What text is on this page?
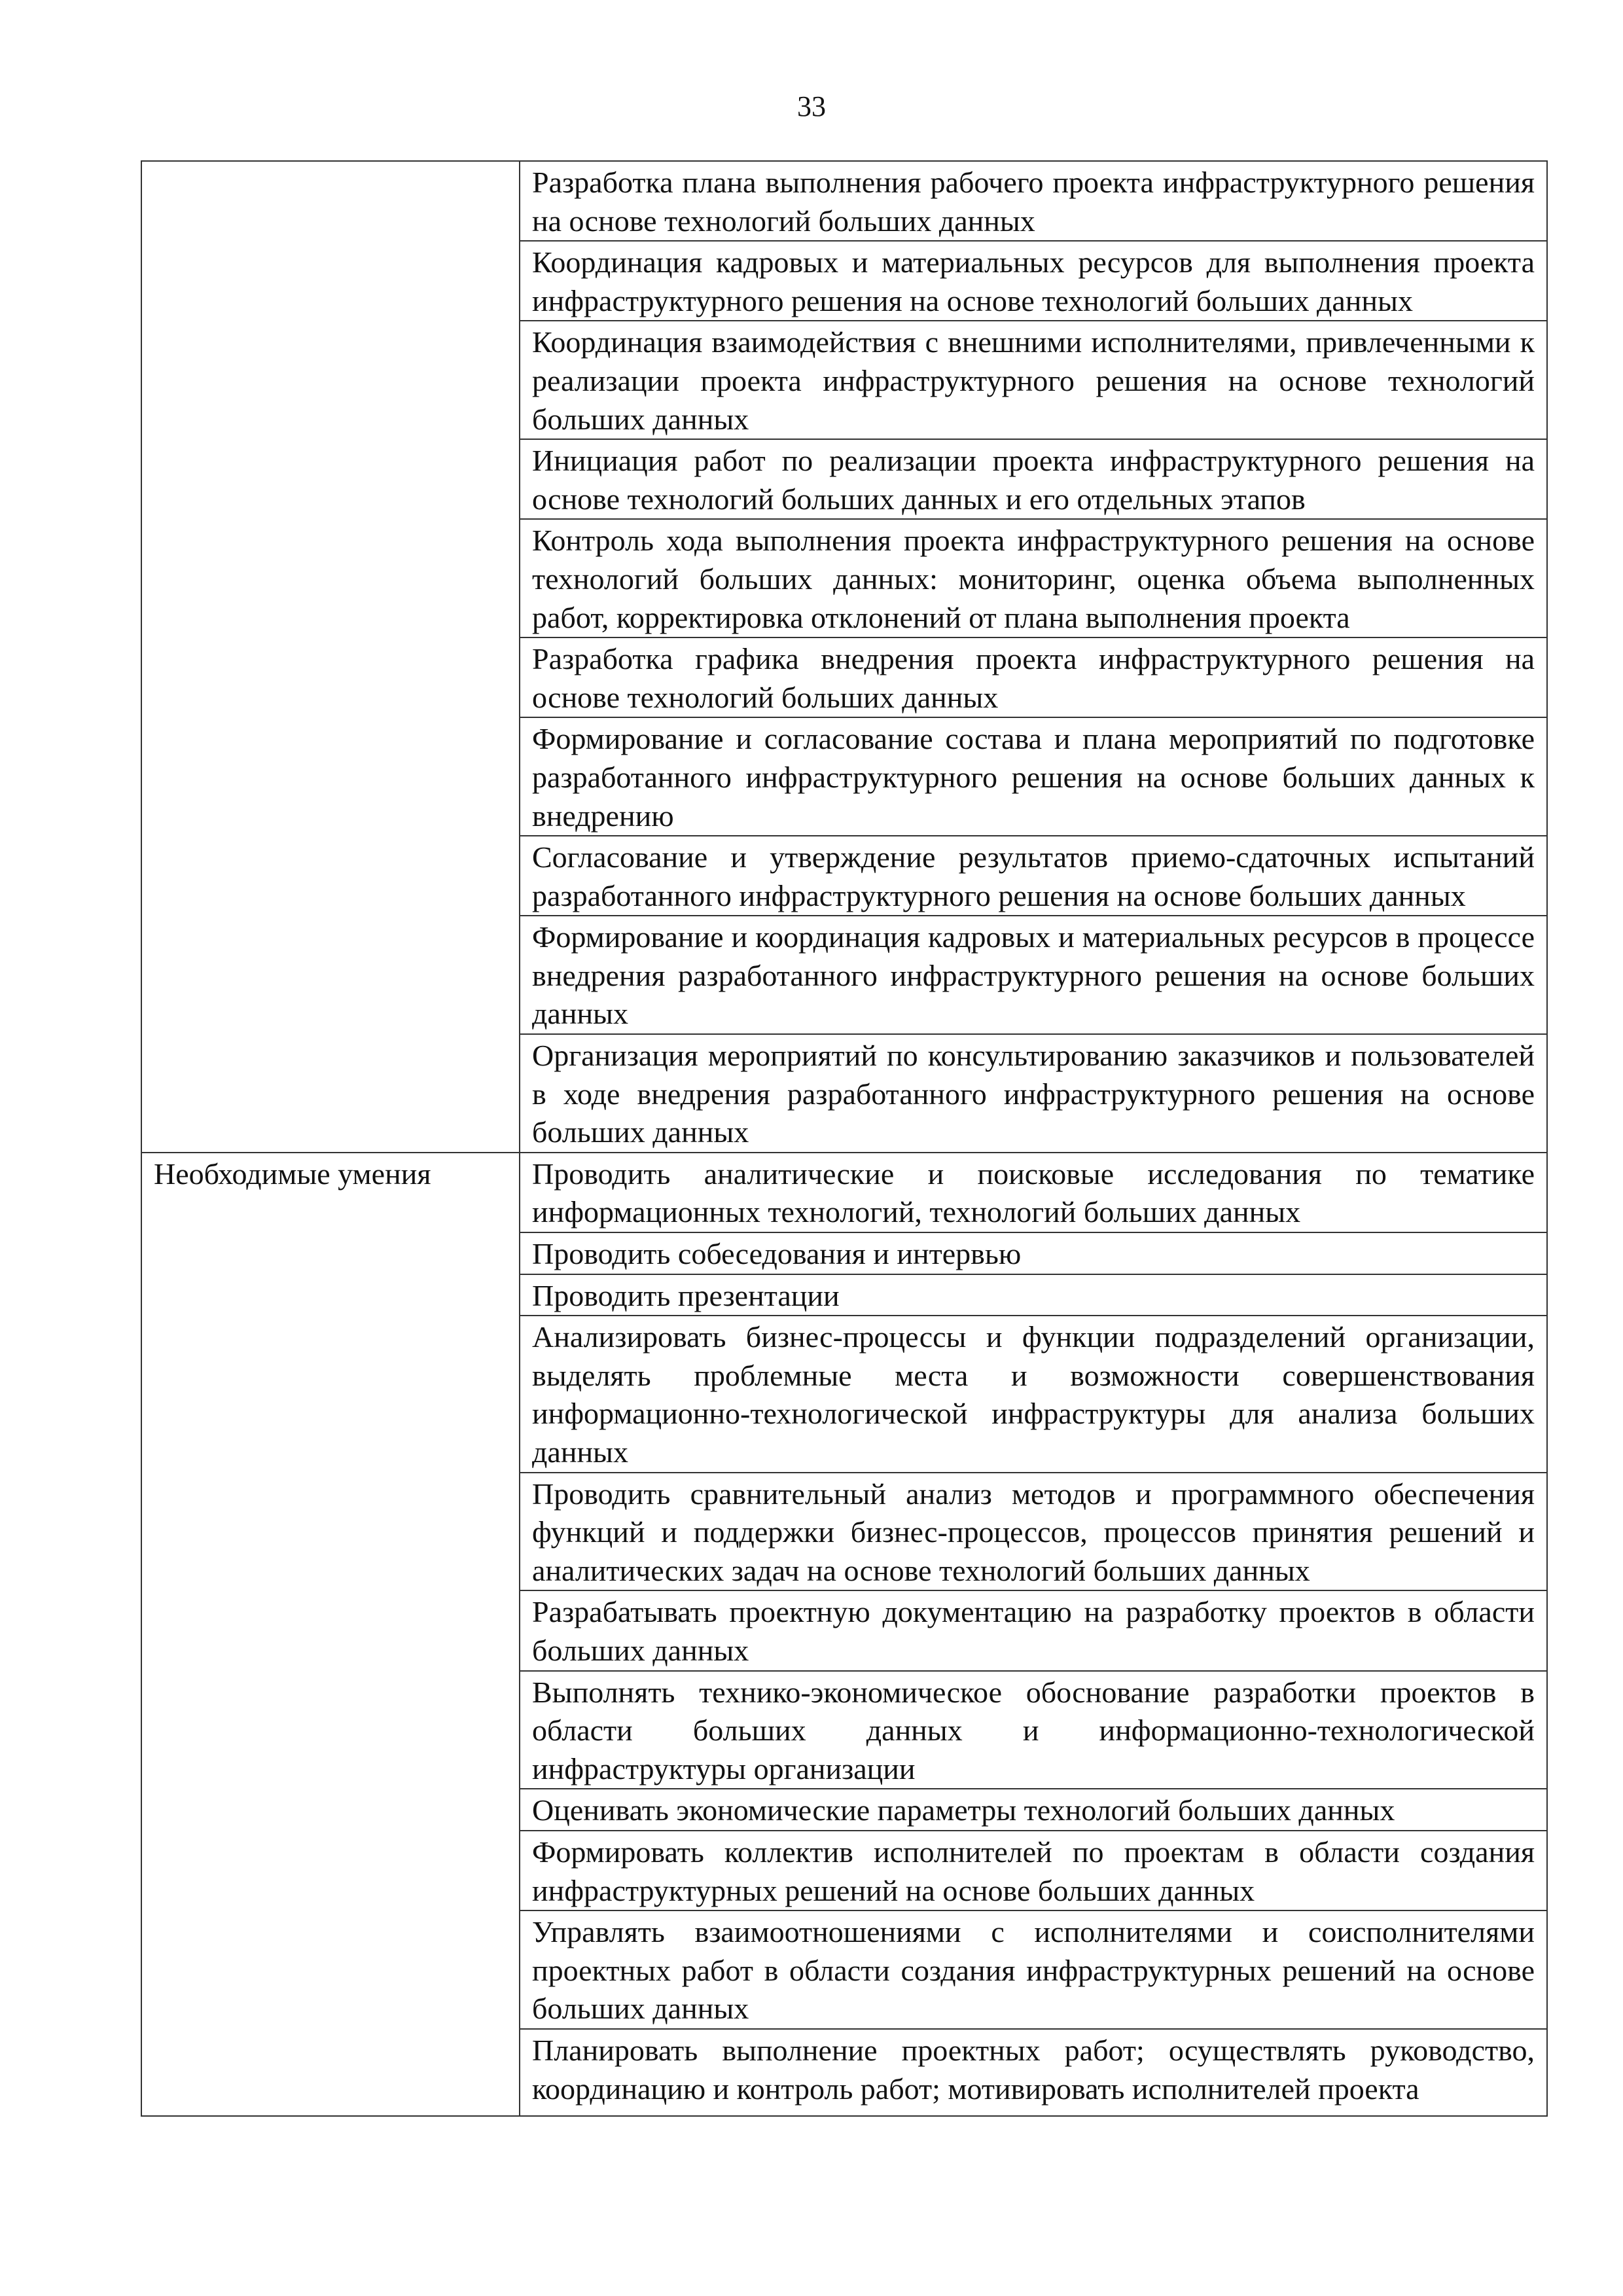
33
	Разработка плана выполнения рабочего проекта инфраструктурного решения на основе технологий больших данных
	Координация кадровых и материальных ресурсов для выполнения проекта инфраструктурного решения на основе технологий больших данных
	Координация взаимодействия с внешними исполнителями, привлеченными к реализации проекта инфраструктурного решения на основе технологий больших данных
	Инициация работ по реализации проекта инфраструктурного решения на основе технологий больших данных и его отдельных этапов
	Контроль хода выполнения проекта инфраструктурного решения на основе технологий больших данных: мониторинг, оценка объема выполненных работ, корректировка отклонений от плана выполнения проекта
	Разработка графика внедрения проекта инфраструктурного решения на основе технологий больших данных
	Формирование и согласование состава и плана мероприятий по подготовке разработанного инфраструктурного решения на основе больших данных к внедрению
	Согласование и утверждение результатов приемо-сдаточных испытаний разработанного инфраструктурного решения на основе больших данных
	Формирование и координация кадровых и материальных ресурсов в процессе внедрения разработанного инфраструктурного решения на основе больших данных
	Организация мероприятий по консультированию заказчиков и пользователей в ходе внедрения разработанного инфраструктурного решения на основе больших данных
Необходимые умения	Проводить аналитические и поисковые исследования по тематике информационных технологий, технологий больших данных
	Проводить собеседования и интервью
	Проводить презентации
	Анализировать бизнес-процессы и функции подразделений организации, выделять проблемные места и возможности совершенствования информационно-технологической инфраструктуры для анализа больших данных
	Проводить сравнительный анализ методов и программного обеспечения функций и поддержки бизнес-процессов, процессов принятия решений и аналитических задач на основе технологий больших данных
	Разрабатывать проектную документацию на разработку проектов в области больших данных
	Выполнять технико-экономическое обоснование разработки проектов в области больших данных и информационно-технологической инфраструктуры организации
	Оценивать экономические параметры технологий больших данных
	Формировать коллектив исполнителей по проектам в области создания инфраструктурных решений на основе больших данных
	Управлять взаимоотношениями с исполнителями и соисполнителями проектных работ в области создания инфраструктурных решений на основе больших данных

	Планировать выполнение проектных работ; осуществлять руководство, координацию и контроль работ; мотивировать исполнителей проекта
